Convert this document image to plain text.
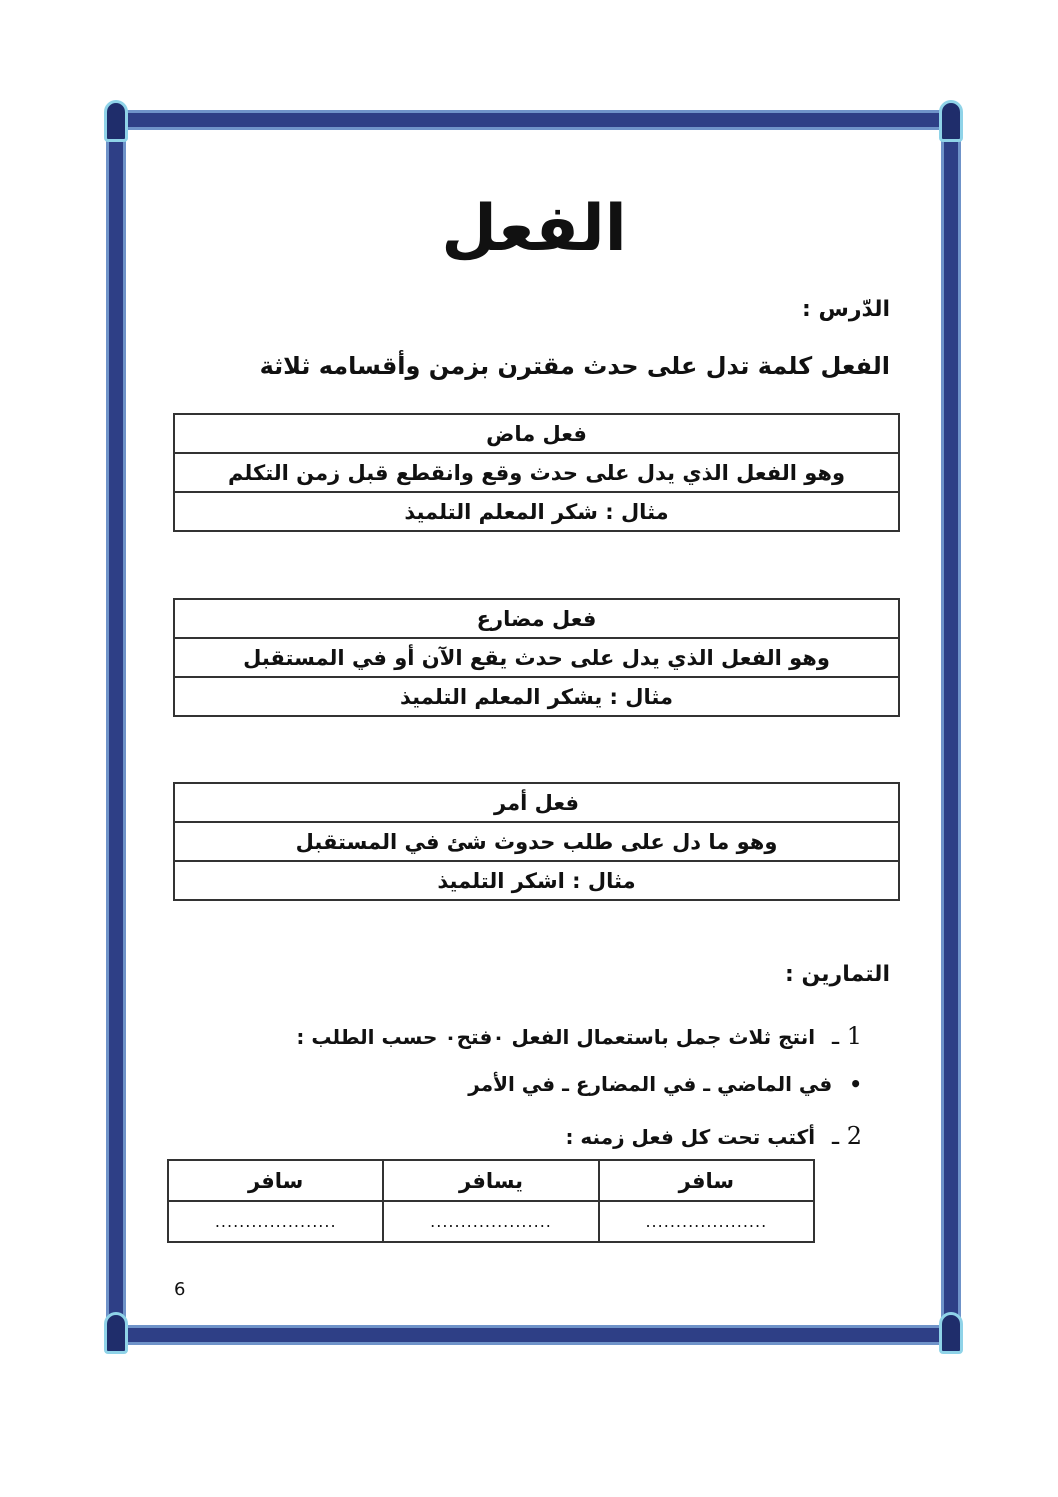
الفعل
الدّرس :
الفعل كلمة تدل على حدث مقترن بزمن وأقسامه ثلاثة
فعل ماض
وهو الفعل الذي يدل على حدث وقع وانقطع قبل زمن التكلم
مثال : شكر المعلم التلميذ
فعل مضارع
وهو الفعل الذي يدل على حدث يقع الآن أو في المستقبل
مثال : يشكر المعلم التلميذ
فعل أمر
وهو ما دل على طلب حدوث شئ في المستقبل
مثال : اشكر التلميذ
التمارين :
1 ـ انتج ثلاث جمل باستعمال الفعل ٠فتح٠ حسب الطلب :
• في الماضي ـ في المضارع ـ في الأمر
2 ـ أكتب تحت كل فعل زمنه :
سافر	يسافر	سافر
....................	....................	....................
6
